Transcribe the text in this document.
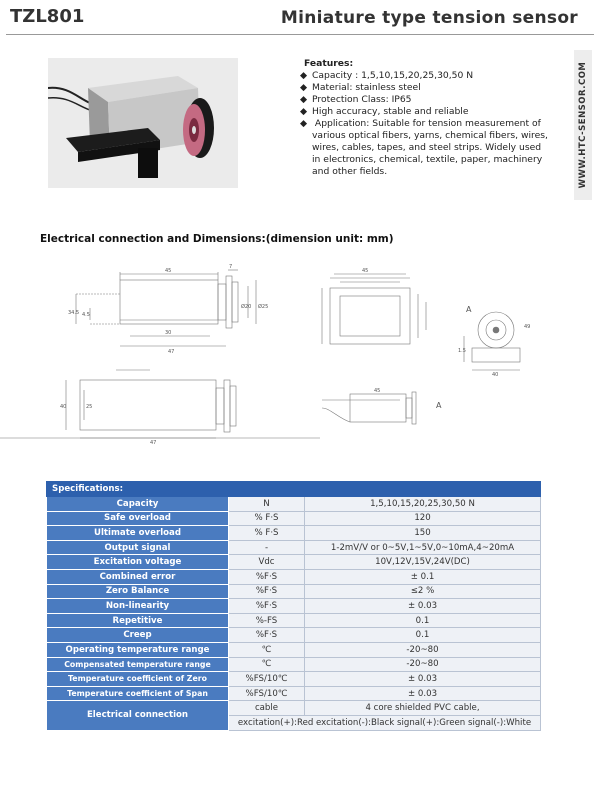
TZL801	Miniature type tension sensor
Features:
◆ Capacity : 1,5,10,15,20,25,30,50 N
◆ Material: stainless steel
◆ Protection Class: IP65
◆ High accuracy, stable and reliable
◆ Application: Suitable for tension measurement of various optical fibers, yarns, chemical fibers, wires, wires, cables, tapes, and steel strips. Widely used in electronics, chemical, textile, paper, machinery and other fields.	WWW.HTC-SENSOR.COM
Electrical connection and Dimensions:(dimension unit: mm)
45
7
30
47
34.5 4.5
Ø20 Ø25
40	25
47
45
45
A
A
1.5
40
49
Specifications:		
Capacity	N	1,5,10,15,20,25,30,50 N
Safe overload	% F·S	120
Ultimate overload	% F·S	150
Output signal	-	1-2mV/V or 0~5V,1~5V,0~10mA,4~20mA
Excitation voltage	Vdc	10V,12V,15V,24V(DC)
Combined error	%F·S	± 0.1
Zero Balance	%F·S	≤2 %
Non-linearity	%F·S	± 0.03
Repetitive	%-FS	0.1
Creep	%F·S	0.1
Operating temperature range	℃	-20~80
Compensated temperature range	℃	-20~80
Temperature coefficient of Zero	%FS/10℃	± 0.03
Temperature coefficient of Span	%FS/10℃	± 0.03
Electrical connection	cable	4 core shielded PVC cable,
	excitation(+):Red excitation(-):Black signal(+):Green signal(-):White	
